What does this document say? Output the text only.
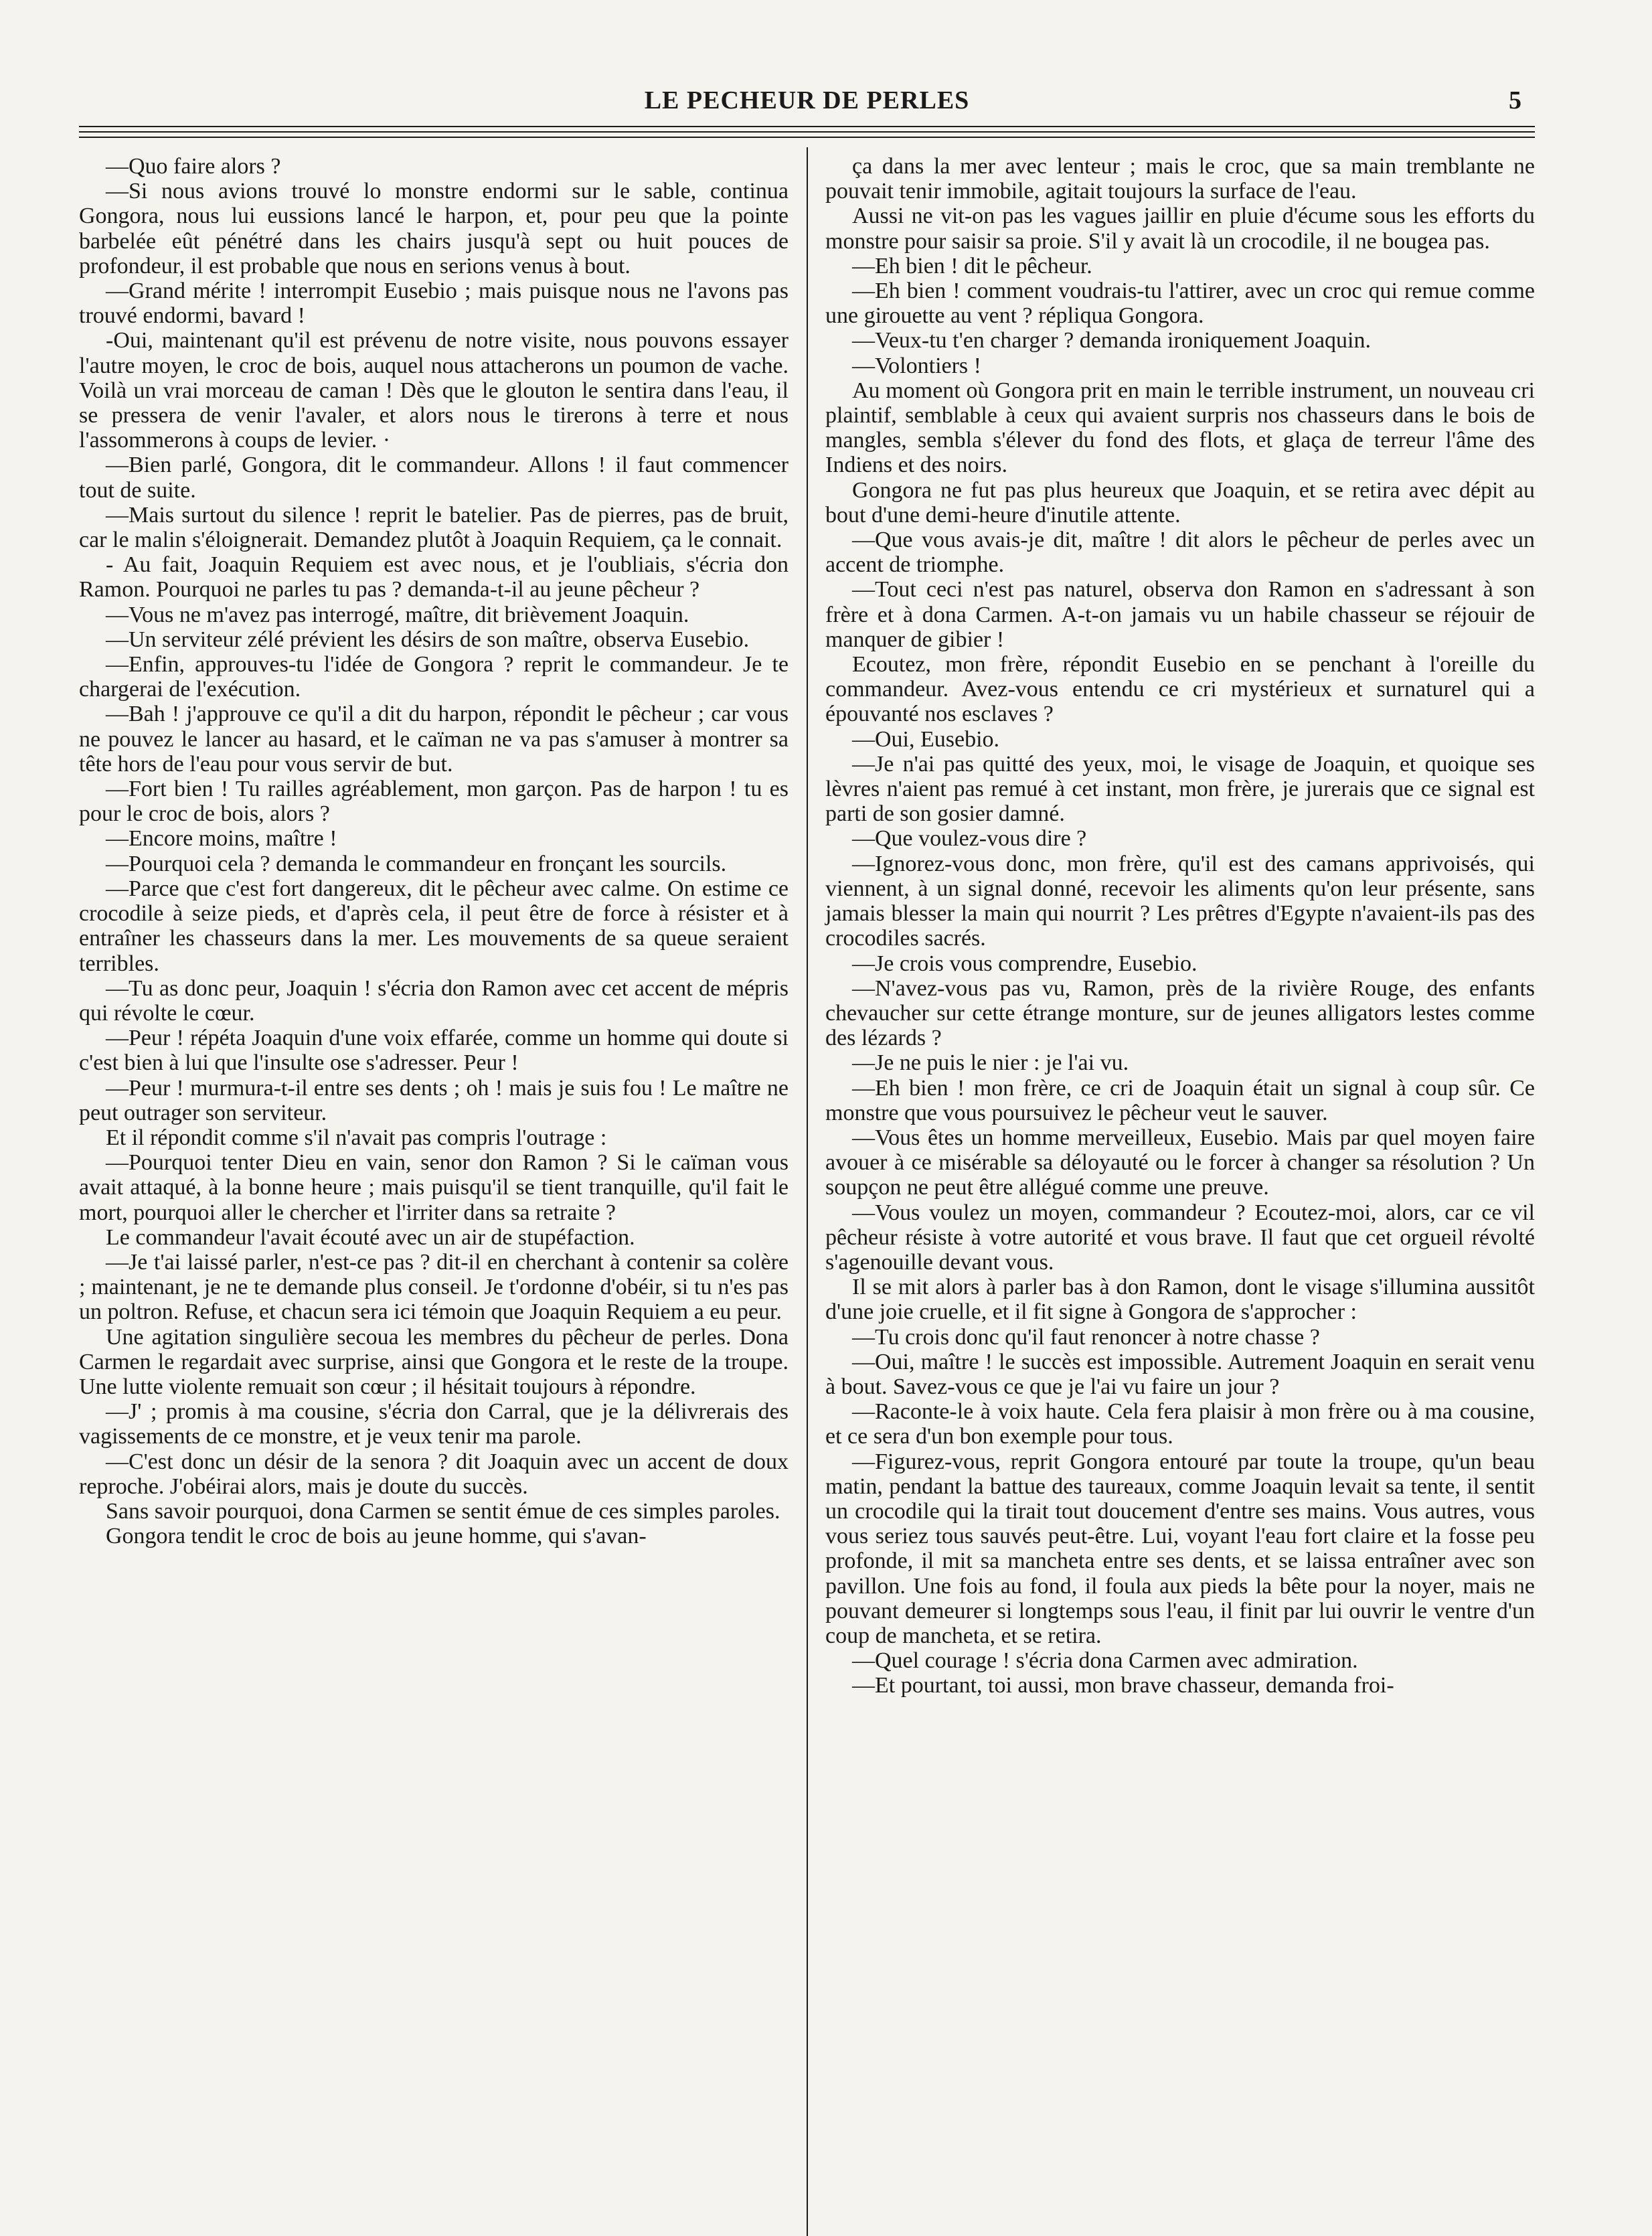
LE PECHEUR DE PERLES	5

—Quo faire alors ?

—Si nous avions trouvé lo monstre endormi sur le sable, continua Gongora, nous lui eussions lancé le harpon, et, pour peu que la pointe barbelée eût pénétré dans les chairs jusqu'à sept ou huit pouces de profondeur, il est probable que nous en serions venus à bout.

—Grand mérite ! interrompit Eusebio ; mais puisque nous ne l'avons pas trouvé endormi, bavard !

-Oui, maintenant qu'il est prévenu de notre visite, nous pouvons essayer l'autre moyen, le croc de bois, auquel nous attacherons un poumon de vache. Voilà un vrai morceau de caman ! Dès que le glouton le sentira dans l'eau, il se pressera de venir l'avaler, et alors nous le tirerons à terre et nous l'assommerons à coups de levier. ·

—Bien parlé, Gongora, dit le commandeur. Allons ! il faut commencer tout de suite.

—Mais surtout du silence ! reprit le batelier. Pas de pierres, pas de bruit, car le malin s'éloignerait. Demandez plutôt à Joaquin Requiem, ça le connait.

- Au fait, Joaquin Requiem est avec nous, et je l'oubliais, s'écria don Ramon. Pourquoi ne parles tu pas ? demanda-t-il au jeune pêcheur ?

—Vous ne m'avez pas interrogé, maître, dit brièvement Joaquin.

—Un serviteur zélé prévient les désirs de son maître, observa Eusebio.

—Enfin, approuves-tu l'idée de Gongora ? reprit le commandeur. Je te chargerai de l'exécution.

—Bah ! j'approuve ce qu'il a dit du harpon, répondit le pêcheur ; car vous ne pouvez le lancer au hasard, et le caïman ne va pas s'amuser à montrer sa tête hors de l'eau pour vous servir de but.

—Fort bien ! Tu railles agréablement, mon garçon. Pas de harpon ! tu es pour le croc de bois, alors ?

—Encore moins, maître !

—Pourquoi cela ? demanda le commandeur en fronçant les sourcils.

—Parce que c'est fort dangereux, dit le pêcheur avec calme. On estime ce crocodile à seize pieds, et d'après cela, il peut être de force à résister et à entraîner les chasseurs dans la mer. Les mouvements de sa queue seraient terribles.

—Tu as donc peur, Joaquin ! s'écria don Ramon avec cet accent de mépris qui révolte le cœur.

—Peur ! répéta Joaquin d'une voix effarée, comme un homme qui doute si c'est bien à lui que l'insulte ose s'adresser. Peur !

—Peur ! murmura-t-il entre ses dents ; oh ! mais je suis fou ! Le maître ne peut outrager son serviteur.

Et il répondit comme s'il n'avait pas compris l'outrage :

—Pourquoi tenter Dieu en vain, senor don Ramon ? Si le caïman vous avait attaqué, à la bonne heure ; mais puisqu'il se tient tranquille, qu'il fait le mort, pourquoi aller le chercher et l'irriter dans sa retraite ?

Le commandeur l'avait écouté avec un air de stupéfaction.

—Je t'ai laissé parler, n'est-ce pas ? dit-il en cherchant à contenir sa colère ; maintenant, je ne te demande plus conseil. Je t'ordonne d'obéir, si tu n'es pas un poltron. Refuse, et chacun sera ici témoin que Joaquin Requiem a eu peur.

Une agitation singulière secoua les membres du pêcheur de perles. Dona Carmen le regardait avec surprise, ainsi que Gongora et le reste de la troupe. Une lutte violente remuait son cœur ; il hésitait toujours à répondre.

—J' ; promis à ma cousine, s'écria don Carral, que je la délivrerais des vagissements de ce monstre, et je veux tenir ma parole.

—C'est donc un désir de la senora ? dit Joaquin avec un accent de doux reproche. J'obéirai alors, mais je doute du succès.

Sans savoir pourquoi, dona Carmen se sentit émue de ces simples paroles.

Gongora tendit le croc de bois au jeune homme, qui s'avan-

ça dans la mer avec lenteur ; mais le croc, que sa main tremblante ne pouvait tenir immobile, agitait toujours la surface de l'eau.

Aussi ne vit-on pas les vagues jaillir en pluie d'écume sous les efforts du monstre pour saisir sa proie. S'il y avait là un crocodile, il ne bougea pas.

—Eh bien ! dit le pêcheur.

—Eh bien ! comment voudrais-tu l'attirer, avec un croc qui remue comme une girouette au vent ? répliqua Gongora.

—Veux-tu t'en charger ? demanda ironiquement Joaquin.

—Volontiers !

Au moment où Gongora prit en main le terrible instrument, un nouveau cri plaintif, semblable à ceux qui avaient surpris nos chasseurs dans le bois de mangles, sembla s'élever du fond des flots, et glaça de terreur l'âme des Indiens et des noirs.

Gongora ne fut pas plus heureux que Joaquin, et se retira avec dépit au bout d'une demi-heure d'inutile attente.

—Que vous avais-je dit, maître ! dit alors le pêcheur de perles avec un accent de triomphe.

—Tout ceci n'est pas naturel, observa don Ramon en s'adressant à son frère et à dona Carmen. A-t-on jamais vu un habile chasseur se réjouir de manquer de gibier !

Ecoutez, mon frère, répondit Eusebio en se penchant à l'oreille du commandeur. Avez-vous entendu ce cri mystérieux et surnaturel qui a épouvanté nos esclaves ?

—Oui, Eusebio.

—Je n'ai pas quitté des yeux, moi, le visage de Joaquin, et quoique ses lèvres n'aient pas remué à cet instant, mon frère, je jurerais que ce signal est parti de son gosier damné.

—Que voulez-vous dire ?

—Ignorez-vous donc, mon frère, qu'il est des camans apprivoisés, qui viennent, à un signal donné, recevoir les aliments qu'on leur présente, sans jamais blesser la main qui nourrit ? Les prêtres d'Egypte n'avaient-ils pas des crocodiles sacrés.

—Je crois vous comprendre, Eusebio.

—N'avez-vous pas vu, Ramon, près de la rivière Rouge, des enfants chevaucher sur cette étrange monture, sur de jeunes alligators lestes comme des lézards ?

—Je ne puis le nier : je l'ai vu.

—Eh bien ! mon frère, ce cri de Joaquin était un signal à coup sûr. Ce monstre que vous poursuivez le pêcheur veut le sauver.

—Vous êtes un homme merveilleux, Eusebio. Mais par quel moyen faire avouer à ce misérable sa déloyauté ou le forcer à changer sa résolution ? Un soupçon ne peut être allégué comme une preuve.

—Vous voulez un moyen, commandeur ? Ecoutez-moi, alors, car ce vil pêcheur résiste à votre autorité et vous brave. Il faut que cet orgueil révolté s'agenouille devant vous.

Il se mit alors à parler bas à don Ramon, dont le visage s'illumina aussitôt d'une joie cruelle, et il fit signe à Gongora de s'approcher :

—Tu crois donc qu'il faut renoncer à notre chasse ?

—Oui, maître ! le succès est impossible. Autrement Joaquin en serait venu à bout. Savez-vous ce que je l'ai vu faire un jour ?

—Raconte-le à voix haute. Cela fera plaisir à mon frère ou à ma cousine, et ce sera d'un bon exemple pour tous.

—Figurez-vous, reprit Gongora entouré par toute la troupe, qu'un beau matin, pendant la battue des taureaux, comme Joaquin levait sa tente, il sentit un crocodile qui la tirait tout doucement d'entre ses mains. Vous autres, vous vous seriez tous sauvés peut-être. Lui, voyant l'eau fort claire et la fosse peu profonde, il mit sa mancheta entre ses dents, et se laissa entraîner avec son pavillon. Une fois au fond, il foula aux pieds la bête pour la noyer, mais ne pouvant demeurer si longtemps sous l'eau, il finit par lui ouvrir le ventre d'un coup de mancheta, et se retira.

—Quel courage ! s'écria dona Carmen avec admiration.

—Et pourtant, toi aussi, mon brave chasseur, demanda froi-
